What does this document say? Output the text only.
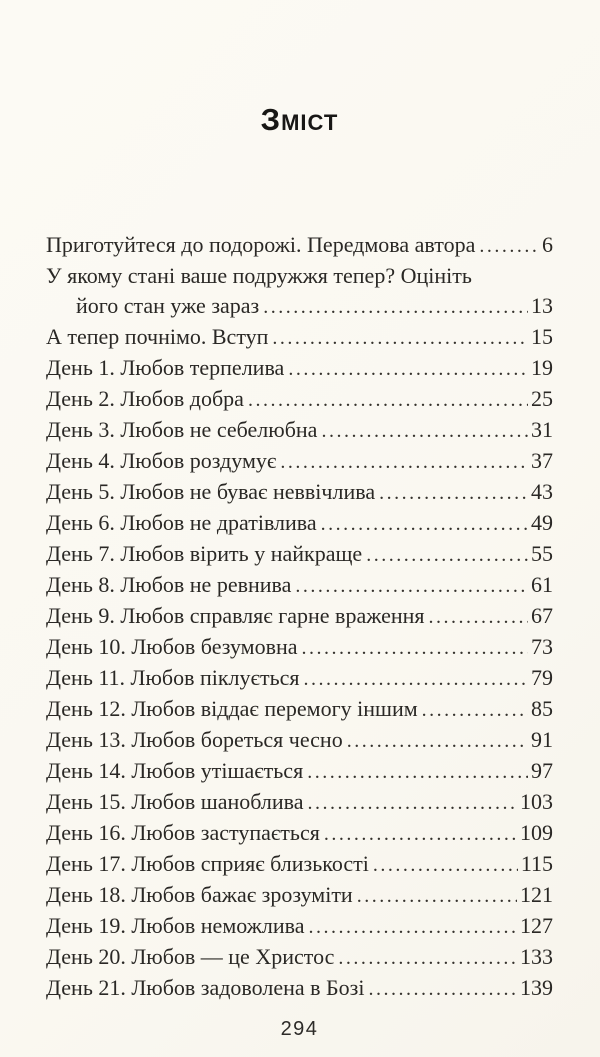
Зміст
Приготуйтеся до подорожі. Передмова автора .....	6
У якому стані ваше подружжя тепер? Оцініть
його стан уже зараз .....	13
А тепер почнімо. Вступ .....	15
День 1. Любов терпелива .....	19
День 2. Любов добра .....	25
День 3. Любов не себелюбна .....	31
День 4. Любов роздумує .....	37
День 5. Любов не буває неввічлива .....	43
День 6. Любов не дратівлива .....	49
День 7. Любов вірить у найкраще .....	55
День 8. Любов не ревнива .....	61
День 9. Любов справляє гарне враження .....	67
День 10. Любов безумовна .....	73
День 11. Любов піклується .....	79
День 12. Любов віддає перемогу іншим .....	85
День 13. Любов бореться чесно .....	91
День 14. Любов утішається .....	97
День 15. Любов шаноблива .....	103
День 16. Любов заступається .....	109
День 17. Любов сприяє близькості .....	115
День 18. Любов бажає зрозуміти .....	121
День 19. Любов неможлива .....	127
День 20. Любов — це Христос .....	133
День 21. Любов задоволена в Бозі .....	139
294
